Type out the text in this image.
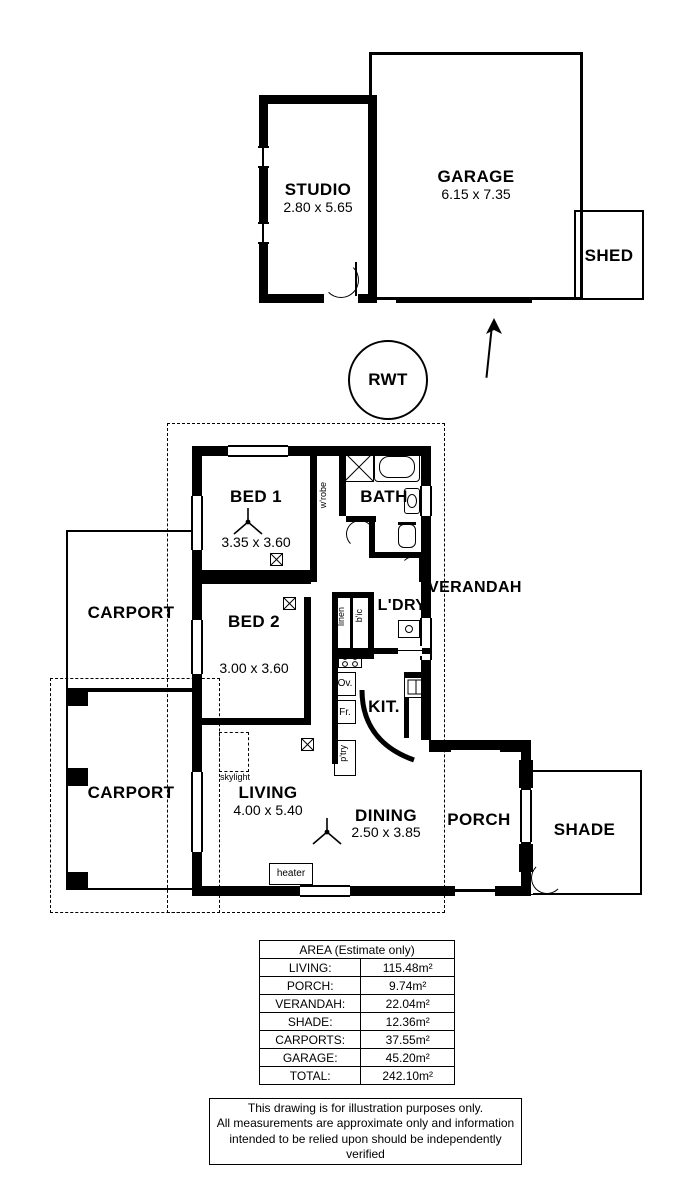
STUDIO
2.80 x 5.65
GARAGE
6.15 x 7.35
SHED
RWT
CARPORT
CARPORT
SHADE
skylight
heater
BED 1
3.35 x 3.60
w'robe	BATH
BED 2
3.00 x 3.60
VERANDAH
L'DRY
linen b'ic
Ov.
Fr.
p'try
KIT.
LIVING
4.00 x 5.40	DINING
2.50 x 3.85
PORCH
AREA (Estimate only)	
LIVING:	115.48m²
PORCH:	9.74m²
VERANDAH:	22.04m²
SHADE:	12.36m²
CARPORTS:	37.55m²
GARAGE:	45.20m²
TOTAL:	242.10m²
This drawing is for illustration purposes only.
All measurements are approximate only and information
intended to be relied upon should be independently verified
